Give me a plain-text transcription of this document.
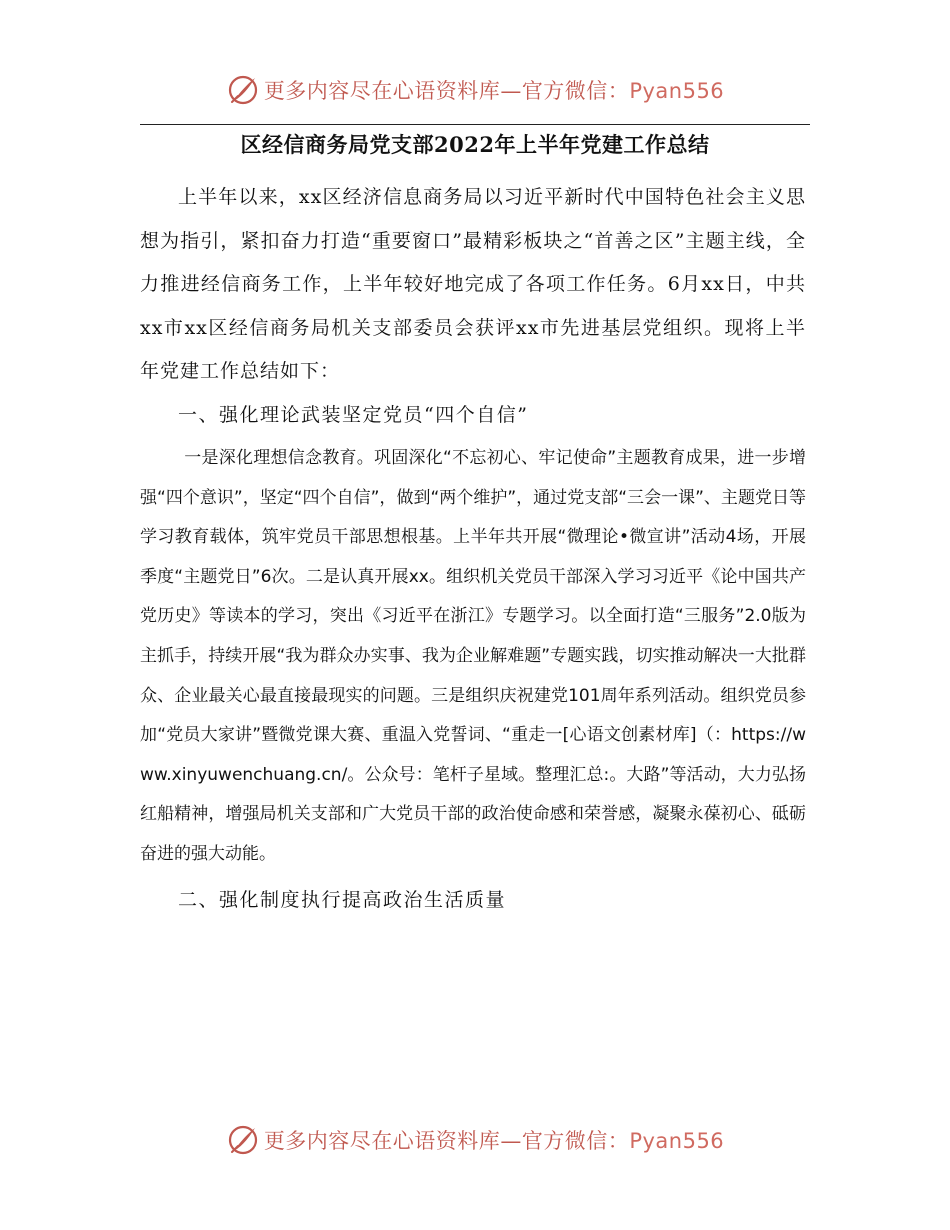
更多内容尽在心语资料库—官方微信：Pyan556
区经信商务局党支部2022年上半年党建工作总结

上半年以来，xx区经济信息商务局以习近平新时代中国特色社会主义思想为指引，紧扣奋力打造“重要窗口”最精彩板块之“首善之区”主题主线，全力推进经信商务工作，上半年较好地完成了各项工作任务。6月xx日，中共xx市xx区经信商务局机关支部委员会获评xx市先进基层党组织。现将上半年党建工作总结如下：

一、强化理论武装坚定党员“四个自信”

一是深化理想信念教育。巩固深化“不忘初心、牢记使命”主题教育成果，进一步增强“四个意识”，坚定“四个自信”，做到“两个维护”，通过党支部“三会一课”、主题党日等学习教育载体，筑牢党员干部思想根基。上半年共开展“微理论•微宣讲”活动4场，开展季度“主题党日”6次。二是认真开展xx。组织机关党员干部深入学习习近平《论中国共产党历史》等读本的学习，突出《习近平在浙江》专题学习。以全面打造“三服务”2.0版为主抓手，持续开展“我为群众办实事、我为企业解难题”专题实践，切实推动解决一大批群众、企业最关心最直接最现实的问题。三是组织庆祝建党101周年系列活动。组织党员参加“党员大家讲”暨微党课大赛、重温入党誓词、“重走一[心语文创素材库]（：https://www.xinyuwenchuang.cn/。公众号：笔杆子星域。整理汇总:。大路”等活动，大力弘扬红船精神，增强局机关支部和广大党员干部的政治使命感和荣誉感，凝聚永葆初心、砥砺奋进的强大动能。

二、强化制度执行提高政治生活质量

更多内容尽在心语资料库—官方微信：Pyan556
